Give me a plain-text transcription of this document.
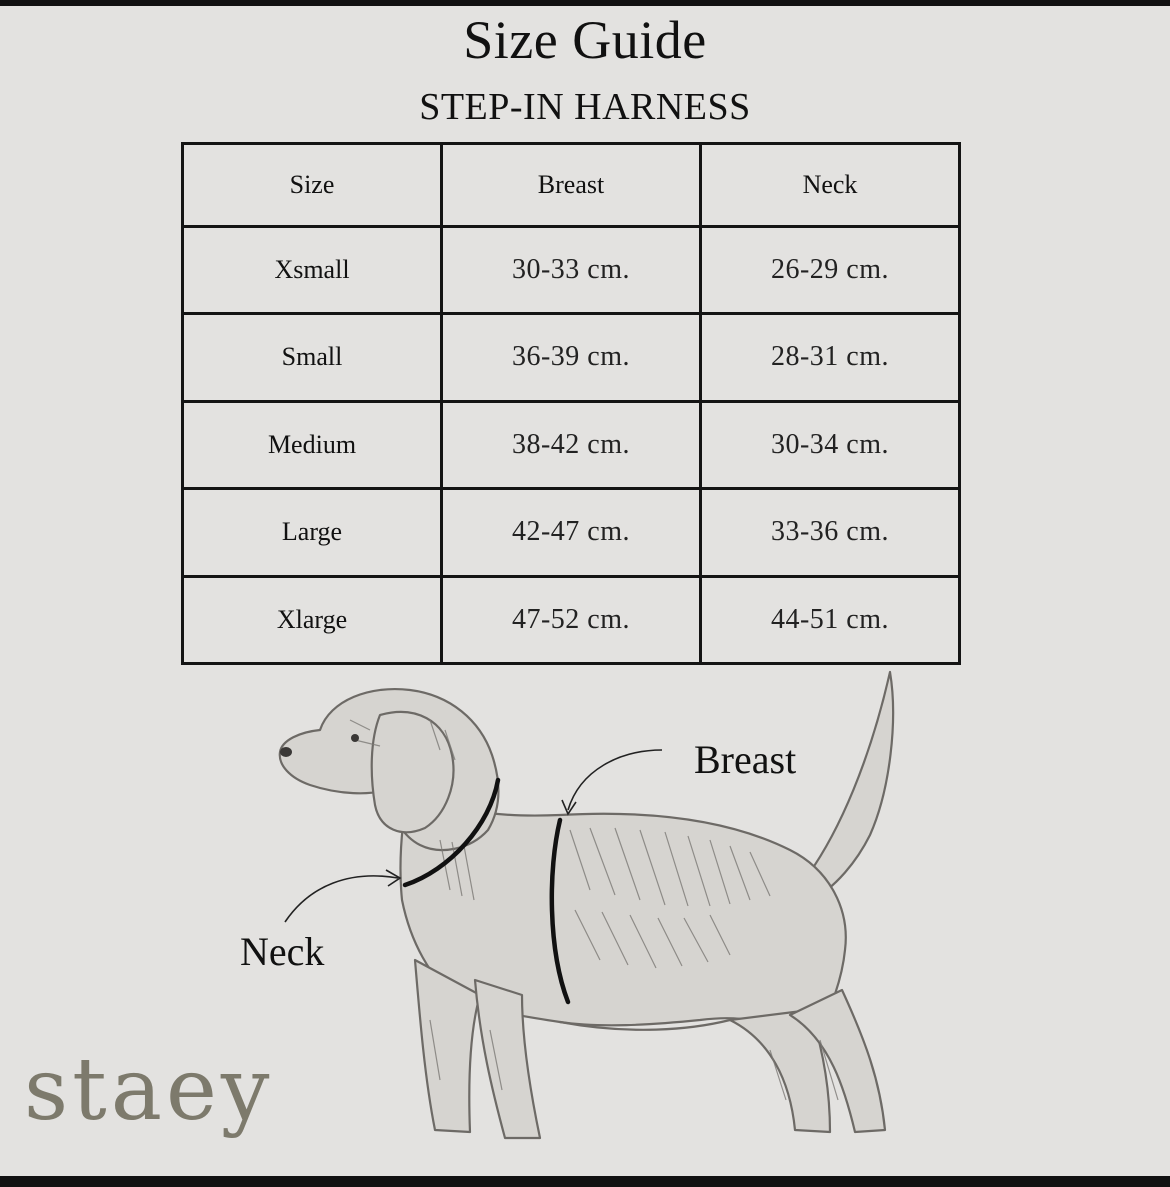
Size Guide
STEP-IN HARNESS
Size	Breast	Neck
Xsmall	30-33 cm.	26-29 cm.
Small	36-39 cm.	28-31 cm.
Medium	38-42 cm.	30-34 cm.
Large	42-47 cm.	33-36 cm.
Xlarge	47-52 cm.	44-51 cm.
Breast
Neck
staey
